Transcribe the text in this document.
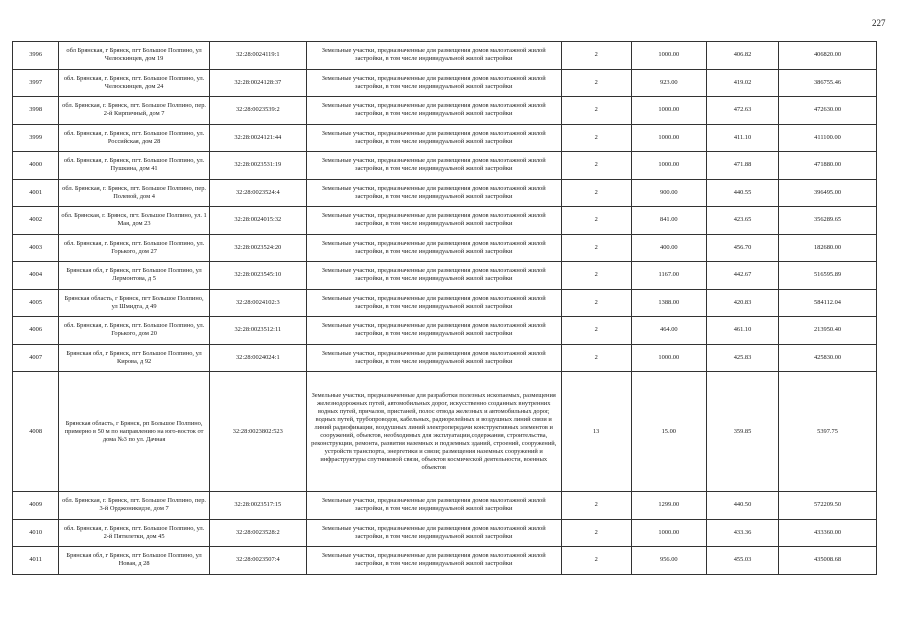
227
3996	обл Брянская, г Брянск, пгт Большое Полпино, ул Челюскинцев, дом 19	32:28:0024119:1	Земельные участки, предназначенные для размещения домов малоэтажной жилой застройки, в том числе индивидуальной жилой застройки	2	1000.00	406.82	406820.00
3997	обл. Брянская, г. Брянск, пгт. Большое Полпино, ул. Челюскинцев, дом 24	32:28:0024128:37	Земельные участки, предназначенные для размещения домов малоэтажной жилой застройки, в том числе индивидуальной жилой застройки	2	923.00	419.02	386755.46
3998	обл. Брянская, г. Брянск, пгт. Большое Полпино, пер. 2-й Кирпичный, дом 7	32:28:0023539:2	Земельные участки, предназначенные для размещения домов малоэтажной жилой застройки, в том числе индивидуальной жилой застройки	2	1000.00	472.63	472630.00
3999	обл. Брянская, г. Брянск, пгт. Большое Полпино, ул. Российская, дом 28	32:28:0024121:44	Земельные участки, предназначенные для размещения домов малоэтажной жилой застройки, в том числе индивидуальной жилой застройки	2	1000.00	411.10	411100.00
4000	обл. Брянская, г. Брянск, пгт. Большое Полпино, ул. Пушкина, дом 41	32:28:0023531:19	Земельные участки, предназначенные для размещения домов малоэтажной жилой застройки, в том числе индивидуальной жилой застройки	2	1000.00	471.88	471880.00
4001	обл. Брянская, г. Брянск, пгт. Большое Полпино, пер. Полевой, дом 4	32:28:0023524:4	Земельные участки, предназначенные для размещения домов малоэтажной жилой застройки, в том числе индивидуальной жилой застройки	2	900.00	440.55	396495.00
4002	обл. Брянская, г. Брянск, пгт. Большое Полпино, ул. 1 Мая, дом 23	32:28:0024015:32	Земельные участки, предназначенные для размещения домов малоэтажной жилой застройки, в том числе индивидуальной жилой застройки	2	841.00	423.65	356289.65
4003	обл. Брянская, г. Брянск, пгт. Большое Полпино, ул. Горького, дом 27	32:28:0023524:20	Земельные участки, предназначенные для размещения домов малоэтажной жилой застройки, в том числе индивидуальной жилой застройки	2	400.00	456.70	182680.00
4004	Брянская обл, г Брянск, пгт Большое Полпино, ул Лермонтова, д 5	32:28:0023545:10	Земельные участки, предназначенные для размещения домов малоэтажной жилой застройки, в том числе индивидуальной жилой застройки	2	1167.00	442.67	516595.89
4005	Брянская область, г Брянск, пгт Большое Полпино, ул Шмидта, д 49	32:28:0024102:3	Земельные участки, предназначенные для размещения домов малоэтажной жилой застройки, в том числе индивидуальной жилой застройки	2	1388.00	420.83	584112.04
4006	обл. Брянская, г. Брянск, пгт. Большое Полпино, ул. Горького, дом 20	32:28:0023512:11	Земельные участки, предназначенные для размещения домов малоэтажной жилой застройки, в том числе индивидуальной жилой застройки	2	464.00	461.10	213950.40
4007	Брянская обл, г Брянск, пгт Большое Полпино, ул Кирова, д 92	32:28:0024024:1	Земельные участки, предназначенные для размещения домов малоэтажной жилой застройки, в том числе индивидуальной жилой застройки	2	1000.00	425.83	425830.00
4008	Брянская область, г Брянск, рп Большое Полпино, примерно в 50 м по направлению на юго-восток от дома №3 по ул. Дачная	32:28:0023802:523	Земельные участки, предназначенные для разработки полезных ископаемых, размещения железнодорожных путей, автомобильных дорог, искусственно созданных внутренних водных путей, причалов, пристаней, полос отвода железных и автомобильных дорог, водных путей, трубопроводов, кабельных, радиорелейных и воздушных линий связи и линий радиофикации, воздушных линий электропередачи конструктивных элементов и сооружений, объектов, необходимых для эксплуатации,содержания, строительства, реконструкции, ремонта, развития наземных и подземных зданий, строений, сооружений, устройств транспорта, энергетики и связи; размещения наземных сооружений и инфраструктуры спутниковой связи, объектов космической деятельности, военных объектов	13	15.00	359.85	5397.75
4009	обл. Брянская, г. Брянск, пгт. Большое Полпино, пер. 3-й Орджоникидзе, дом 7	32:28:0023517:15	Земельные участки, предназначенные для размещения домов малоэтажной жилой застройки, в том числе индивидуальной жилой застройки	2	1299.00	440.50	572209.50
4010	обл. Брянская, г. Брянск, пгт. Большое Полпино, ул. 2-й Пятилетки, дом 45	32:28:0023528:2	Земельные участки, предназначенные для размещения домов малоэтажной жилой застройки, в том числе индивидуальной жилой застройки	2	1000.00	433.36	433360.00
4011	Брянская обл, г Брянск, пгт Большое Полпино, ул Новая, д 28	32:28:0023507:4	Земельные участки, предназначенные для размещения домов малоэтажной жилой застройки, в том числе индивидуальной жилой застройки	2	956.00	455.03	435008.68
